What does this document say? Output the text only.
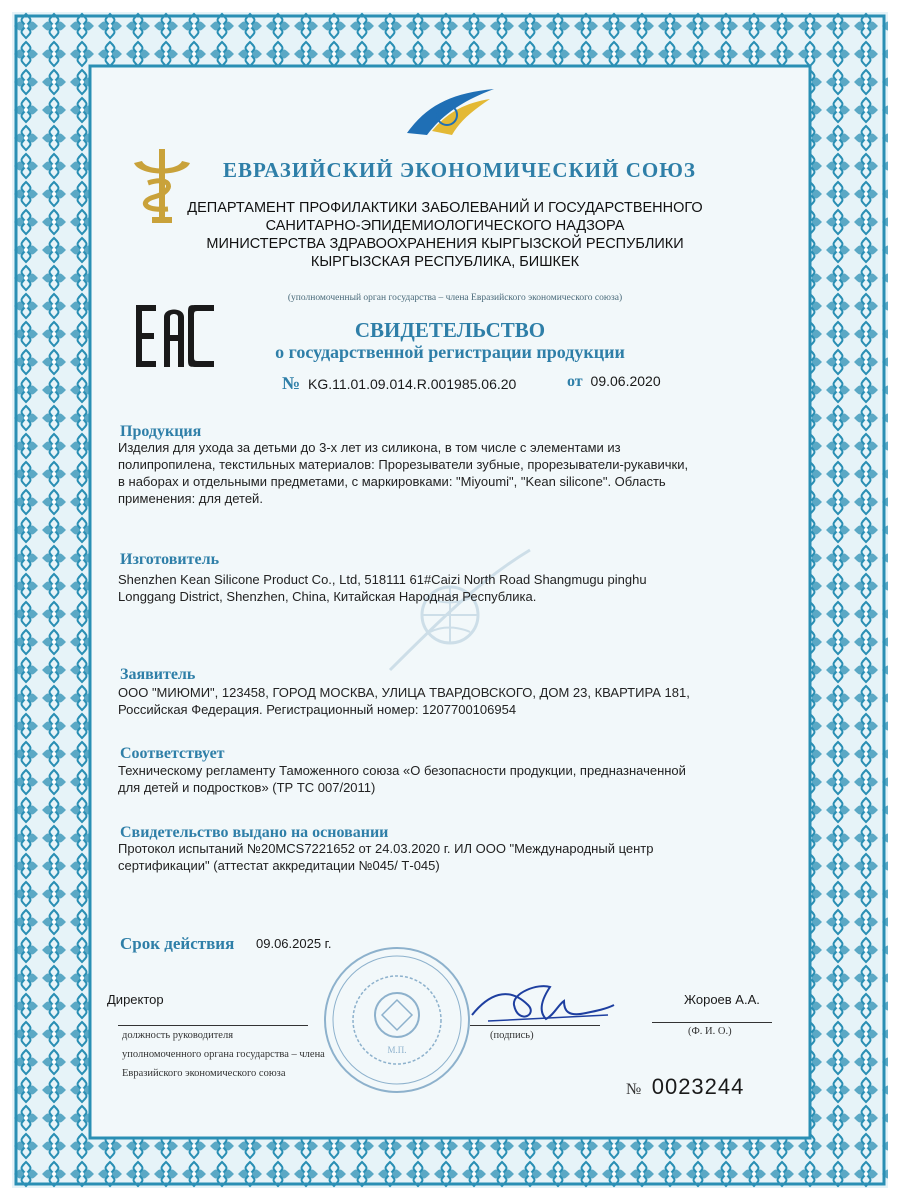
ЕВРАЗИЙСКИЙ ЭКОНОМИЧЕСКИЙ СОЮЗ
ДЕПАРТАМЕНТ ПРОФИЛАКТИКИ ЗАБОЛЕВАНИЙ И ГОСУДАРСТВЕННОГО
САНИТАРНО-ЭПИДЕМИОЛОГИЧЕСКОГО НАДЗОРА
МИНИСТЕРСТВА ЗДРАВООХРАНЕНИЯ КЫРГЫЗСКОЙ РЕСПУБЛИКИ
КЫРГЫЗСКАЯ РЕСПУБЛИКА, БИШКЕК
(уполномоченный орган государства – члена Евразийского экономического союза)
СВИДЕТЕЛЬСТВО
о государственной регистрации продукции
№ KG.11.01.09.014.R.001985.06.20	от 09.06.2020
Продукция
Изделия для ухода за детьми до 3-х лет из силикона, в том числе с элементами из
полипропилена, текстильных материалов: Прорезыватели зубные, прорезыватели-рукавички,
в наборах и отдельными предметами, с маркировками: "Miyoumi", "Kean silicone". Область
применения: для детей.
Изготовитель
Shenzhen Kean Silicone Product Co., Ltd, 518111 61#Caizi North Road Shangmugu pinghu
Longgang District, Shenzhen, China, Китайская Народная Республика.
Заявитель
ООО "МИЮМИ", 123458, ГОРОД МОСКВА, УЛИЦА ТВАРДОВСКОГО, ДОМ 23, КВАРТИРА 181,
Российская Федерация. Регистрационный номер: 1207700106954
Соответствует
Техническому регламенту Таможенного союза «О безопасности продукции, предназначенной
для детей и подростков» (ТР ТС 007/2011)
Свидетельство выдано на основании
Протокол испытаний №20MCS7221652 от 24.03.2020 г. ИЛ ООО "Международный центр
сертификации" (аттестат аккредитации №045/ Т-045)
Срок действия 09.06.2025 г.
М.П.
Директор
должность руководителя
уполномоченного органа государства – члена
Евразийского экономического союза
(подпись)
Жороев А.А.
(Ф. И. О.)
№ 0023244
